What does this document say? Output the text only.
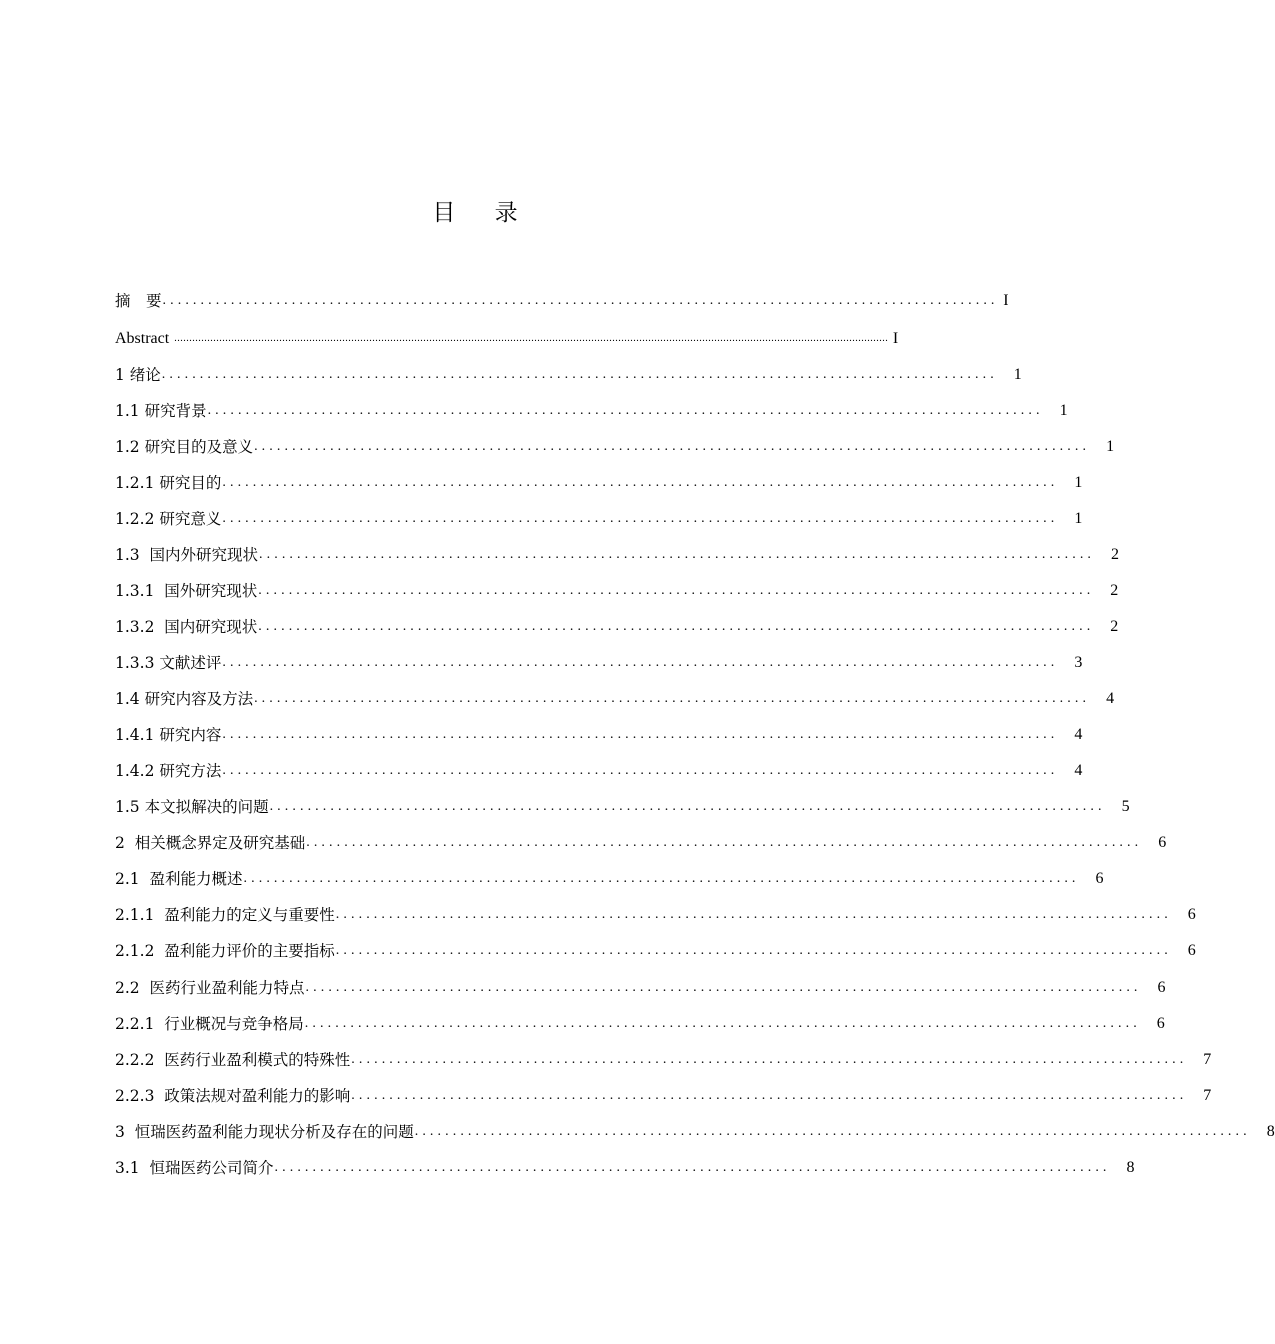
目 录
摘　要 .............................................................................................................. I
Abstract .............................................................................................................................................................................................................................................. I
1 绪论 ..............................................................................................................	1
1.1 研究背景 ..............................................................................................................	1
1.2 研究目的及意义 ..............................................................................................................	1
1.2.1 研究目的 ..............................................................................................................	1
1.2.2 研究意义 ..............................................................................................................	1
1.3  国内外研究现状 ..............................................................................................................	2
1.3.1  国外研究现状 ..............................................................................................................	2
1.3.2  国内研究现状 ..............................................................................................................	2
1.3.3 文献述评 ..............................................................................................................	3
1.4 研究内容及方法 ..............................................................................................................	4
1.4.1 研究内容 ..............................................................................................................	4
1.4.2 研究方法 ..............................................................................................................	4
1.5 本文拟解决的问题 ..............................................................................................................	5
2  相关概念界定及研究基础 ..............................................................................................................	6
2.1  盈利能力概述 ..............................................................................................................	6
2.1.1  盈利能力的定义与重要性 ..............................................................................................................	6
2.1.2  盈利能力评价的主要指标 ..............................................................................................................	6
2.2  医药行业盈利能力特点 ..............................................................................................................	6
2.2.1  行业概况与竞争格局 ..............................................................................................................	6
2.2.2  医药行业盈利模式的特殊性 ..............................................................................................................	7
2.2.3  政策法规对盈利能力的影响 ..............................................................................................................	7
3  恒瑞医药盈利能力现状分析及存在的问题 ..............................................................................................................	8
3.1  恒瑞医药公司简介 ..............................................................................................................	8
